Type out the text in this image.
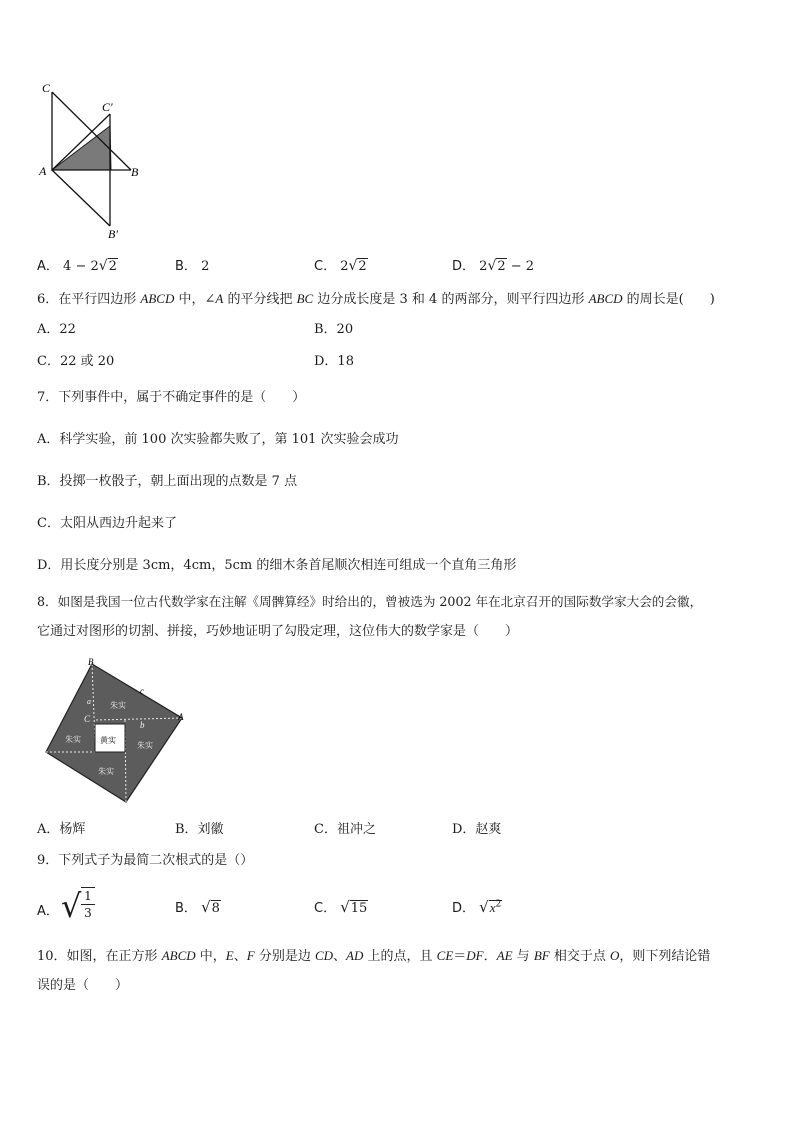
C
C′
A	B
B′
A． 4 − 2√2	B． 2	C． 2√2	D． 2√2 − 2
6．在平行四边形 ABCD 中，∠A 的平分线把 BC 边分成长度是 3 和 4 的两部分，则平行四边形 ABCD 的周长是(　　)
A．22	B．20
C．22 或 20	D．18
7．下列事件中，属于不确定事件的是（　　）
A．科学实验，前 100 次实验都失败了，第 101 次实验会成功
B．投掷一枚骰子，朝上面出现的点数是 7 点
C．太阳从西边升起来了
D．用长度分别是 3cm，4cm，5cm 的细木条首尾顺次相连可组成一个直角三角形
8．如图是我国一位古代数学家在注解《周髀算经》时给出的，曾被选为 2002 年在北京召开的国际数学家大会的会徽，
它通过对图形的切割、拼接，巧妙地证明了勾股定理，这位伟大的数学家是（　　）
黄实
朱实
朱实
朱实
朱实
B
c
A
C
a
b
A．杨辉	B．刘徽	C．祖冲之	D．赵爽
9．下列式子为最简二次根式的是（）
A． √ 1
3	B． √8	C． √15	D． $√x^2$
10．如图，在正方形 ABCD 中，E、F 分别是边 CD、AD 上的点，且 CE＝DF．AE 与 BF 相交于点 O，则下列结论错
误的是（　　）
